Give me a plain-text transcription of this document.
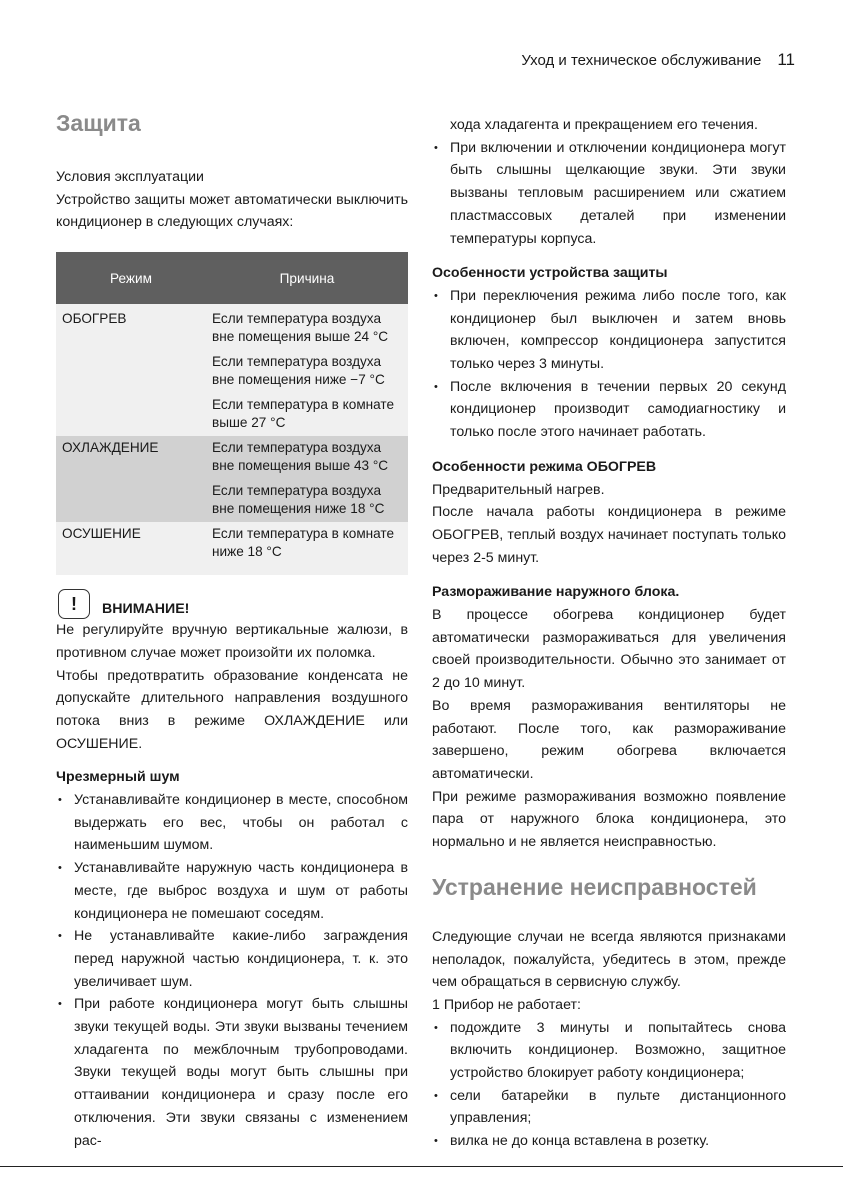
Уход и техническое обслуживание 11
Защита

Условия эксплуатации

Устройство защиты может автоматически выключить кондиционер в следующих случаях:

Режим	Причина

ОБОГРЕВ	Если температура воздуха вне помещения выше 24 °C
Если температура воздуха вне помещения ниже −7 °C
Если температура в комнате выше 27 °C

ОХЛАЖДЕНИЕ	Если температура воздуха вне помещения выше 43 °C
Если температура воздуха вне помещения ниже 18 °C

ОСУШЕНИЕ	Если температура в комнате ниже 18 °C
!	ВНИМАНИЕ!

Не регулируйте вручную вертикальные жалюзи, в противном случае может произойти их поломка.

Чтобы предотвратить образование конденсата не допускайте длительного направления воздушного потока вниз в режиме ОХЛАЖДЕНИЕ или ОСУШЕНИЕ.

Чрезмерный шум
• Устанавливайте кондиционер в месте, способном выдержать его вес, чтобы он работал с наименьшим шумом.
• Устанавливайте наружную часть кондиционера в месте, где выброс воздуха и шум от работы кондиционера не помешают соседям.
• Не устанавливайте какие-либо заграждения перед наружной частью кондиционера, т. к. это увеличивает шум.
• При работе кондиционера могут быть слышны звуки текущей воды. Эти звуки вызваны течением хладагента по межблочным трубопроводами. Звуки текущей воды могут быть слышны при оттаивании кондиционера и сразу после его отключения. Эти звуки связаны с изменением рас-

хода хладагента и прекращением его течения.

• При включении и отключении кондиционера могут быть слышны щелкающие звуки. Эти звуки вызваны тепловым расширением или сжатием пластмассовых деталей при изменении температуры корпуса.
Особенности устройства защиты
• При переключения режима либо после того, как кондиционер был выключен и затем вновь включен, компрессор кондиционера запустится только через 3 минуты.
• После включения в течении первых 20 секунд кондиционер производит самодиагностику и только после этого начинает работать.
Особенности режима ОБОГРЕВ

Предварительный нагрев.

После начала работы кондиционера в режиме ОБОГРЕВ, теплый воздух начинает поступать только через 2-5 минут.

Размораживание наружного блока.

В процессе обогрева кондиционер будет автоматически размораживаться для увеличения своей производительности. Обычно это занимает от 2 до 10 минут.

Во время размораживания вентиляторы не работают. После того, как размораживание завершено, режим обогрева включается автоматически.

При режиме размораживания возможно появление пара от наружного блока кондиционера, это нормально и не является неисправностью.

Устранение неисправностей

Следующие случаи не всегда являются признаками неполадок, пожалуйста, убедитесь в этом, прежде чем обращаться в сервисную службу.

1 Прибор не работает:
• подождите 3 минуты и попытайтесь снова включить кондиционер. Возможно, защитное устройство блокирует работу кондиционера;
• сели батарейки в пульте дистанционного управления;
• вилка не до конца вставлена в розетку.
